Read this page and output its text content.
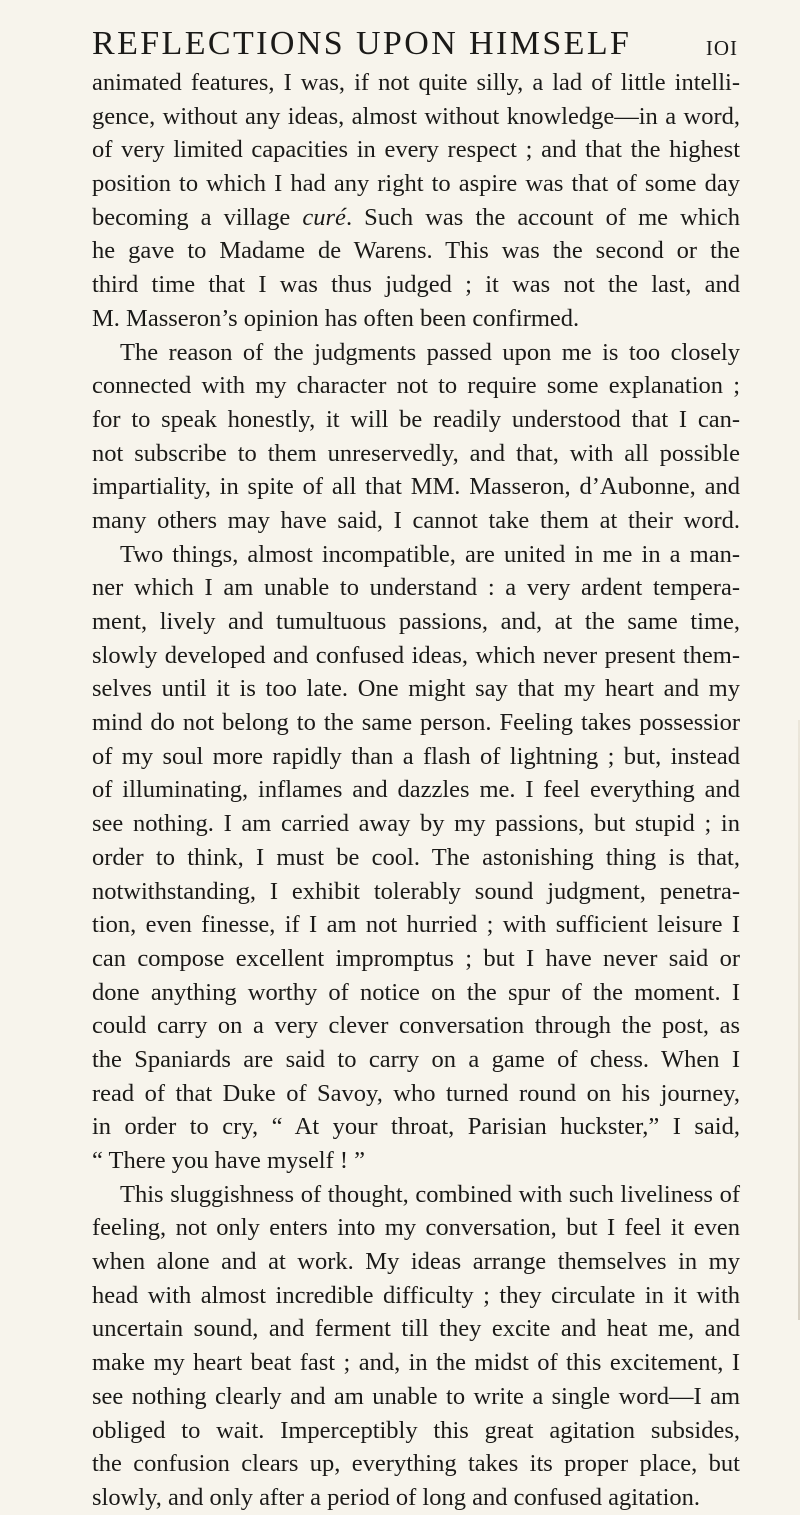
REFLECTIONS UPON HIMSELF ioi
animated features, I was, if not quite silly, a lad of little intelli-
gence, without any ideas, almost without knowledge—in a word,
of very limited capacities in every respect ; and that the highest
position to which I had any right to aspire was that of some day
becoming a village curé. Such was the account of me which
he gave to Madame de Warens. This was the second or the
third time that I was thus judged ; it was not the last, and
M. Masseron’s opinion has often been confirmed.
The reason of the judgments passed upon me is too closely
connected with my character not to require some explanation ;
for to speak honestly, it will be readily understood that I can-
not subscribe to them unreservedly, and that, with all possible
impartiality, in spite of all that MM. Masseron, d’Aubonne, and
many others may have said, I cannot take them at their word.
Two things, almost incompatible, are united in me in a man-
ner which I am unable to understand : a very ardent tempera-
ment, lively and tumultuous passions, and, at the same time,
slowly developed and confused ideas, which never present them-
selves until it is too late. One might say that my heart and my
mind do not belong to the same person. Feeling takes possessior
of my soul more rapidly than a flash of lightning ; but, instead
of illuminating, inflames and dazzles me. I feel everything and
see nothing. I am carried away by my passions, but stupid ; in
order to think, I must be cool. The astonishing thing is that,
notwithstanding, I exhibit tolerably sound judgment, penetra-
tion, even finesse, if I am not hurried ; with sufficient leisure I
can compose excellent impromptus ; but I have never said or
done anything worthy of notice on the spur of the moment. I
could carry on a very clever conversation through the post, as
the Spaniards are said to carry on a game of chess. When I
read of that Duke of Savoy, who turned round on his journey,
in order to cry, “ At your throat, Parisian huckster,” I said,
“ There you have myself ! ”
This sluggishness of thought, combined with such liveliness of
feeling, not only enters into my conversation, but I feel it even
when alone and at work. My ideas arrange themselves in my
head with almost incredible difficulty ; they circulate in it with
uncertain sound, and ferment till they excite and heat me, and
make my heart beat fast ; and, in the midst of this excitement, I
see nothing clearly and am unable to write a single word—I am
obliged to wait. Imperceptibly this great agitation subsides,
the confusion clears up, everything takes its proper place, but
slowly, and only after a period of long and confused agitation.
